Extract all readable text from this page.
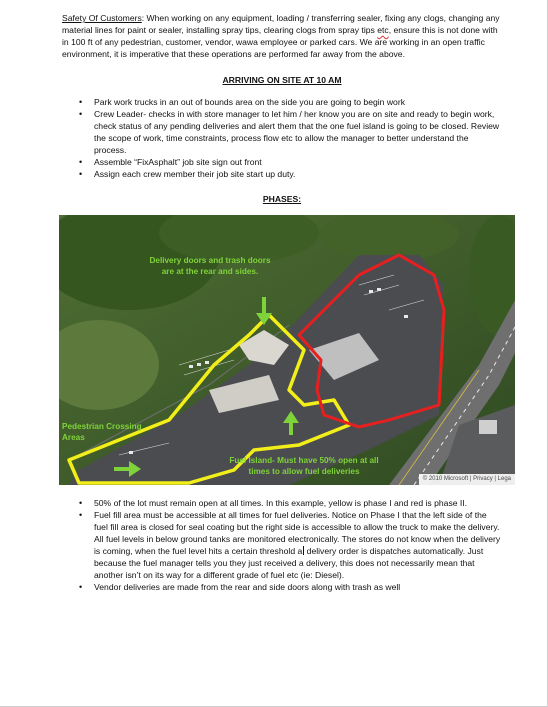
Safety Of Customers: When working on any equipment, loading / transferring sealer, fixing any clogs, changing any material lines for paint or sealer, installing spray tips, clearing clogs from spray tips etc, ensure this is not done with in 100 ft of any pedestrian, customer, vendor, wawa employee or parked cars. We are working in an open traffic environment, it is imperative that these operations are performed far away from the above.

ARRIVING ON SITE AT 10 AM
• Park work trucks in an out of bounds area on the side you are going to begin work
• Crew Leader- checks in with store manager to let him / her know you are on site and ready to begin work, check status of any pending deliveries and alert them that the one fuel island is going to be closed. Review the scope of work, time constraints, process flow etc to allow the manager to better understand the process.
• Assemble “FixAsphalt” job site sign out front
• Assign each crew member their job site start up duty.
PHASES:
Delivery doors and trash doors are at the rear and sides.
Pedestrian Crossing Areas
Fuel Island- Must have 50% open at all times to allow fuel deliveries
© 2010 Microsoft | Privacy | Lega
• 50% of the lot must remain open at all times. In this example, yellow is phase I and red is phase II.
• Fuel fill area must be accessible at all times for fuel deliveries. Notice on Phase I that the left side of the fuel fill area is closed for seal coating but the right side is accessible to allow the truck to make the delivery. All fuel levels in below ground tanks are monitored electronically. The stores do not know when the delivery is coming, when the fuel level hits a certain threshold a delivery order is dispatches automatically. Just because the fuel manager tells you they just received a delivery, this does not necessarily mean that another isn’t on its way for a different grade of fuel etc (ie: Diesel).
• Vendor deliveries are made from the rear and side doors along with trash as well
